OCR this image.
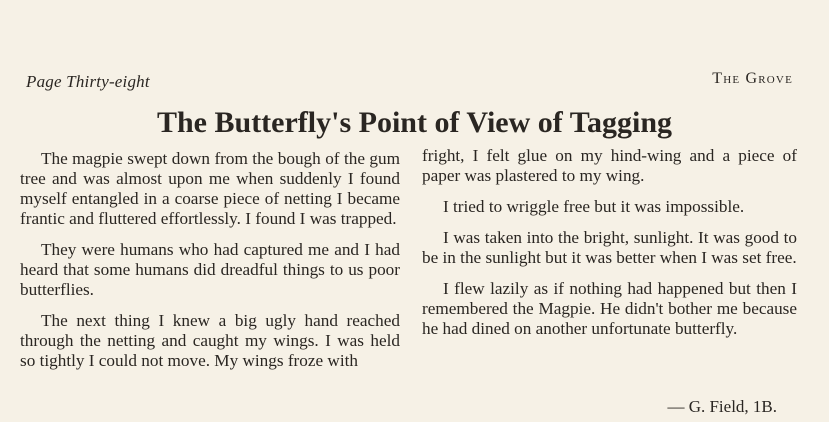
Page Thirty-eight	The Grove
The Butterfly's Point of View of Tagging

The magpie swept down from the bough of the gum tree and was almost upon me when suddenly I found myself entangled in a coarse piece of netting I became frantic and fluttered effortlessly. I found I was trapped.

They were humans who had captured me and I had heard that some humans did dreadful things to us poor butterflies.

The next thing I knew a big ugly hand reached through the netting and caught my wings. I was held so tightly I could not move. My wings froze with

fright, I felt glue on my hind-wing and a piece of paper was plastered to my wing.

I tried to wriggle free but it was impossible.

I was taken into the bright, sunlight. It was good to be in the sunlight but it was better when I was set free.

I flew lazily as if nothing had happened but then I remembered the Magpie. He didn't bother me because he had dined on another unfortunate butterfly.

— G. Field, 1B.
